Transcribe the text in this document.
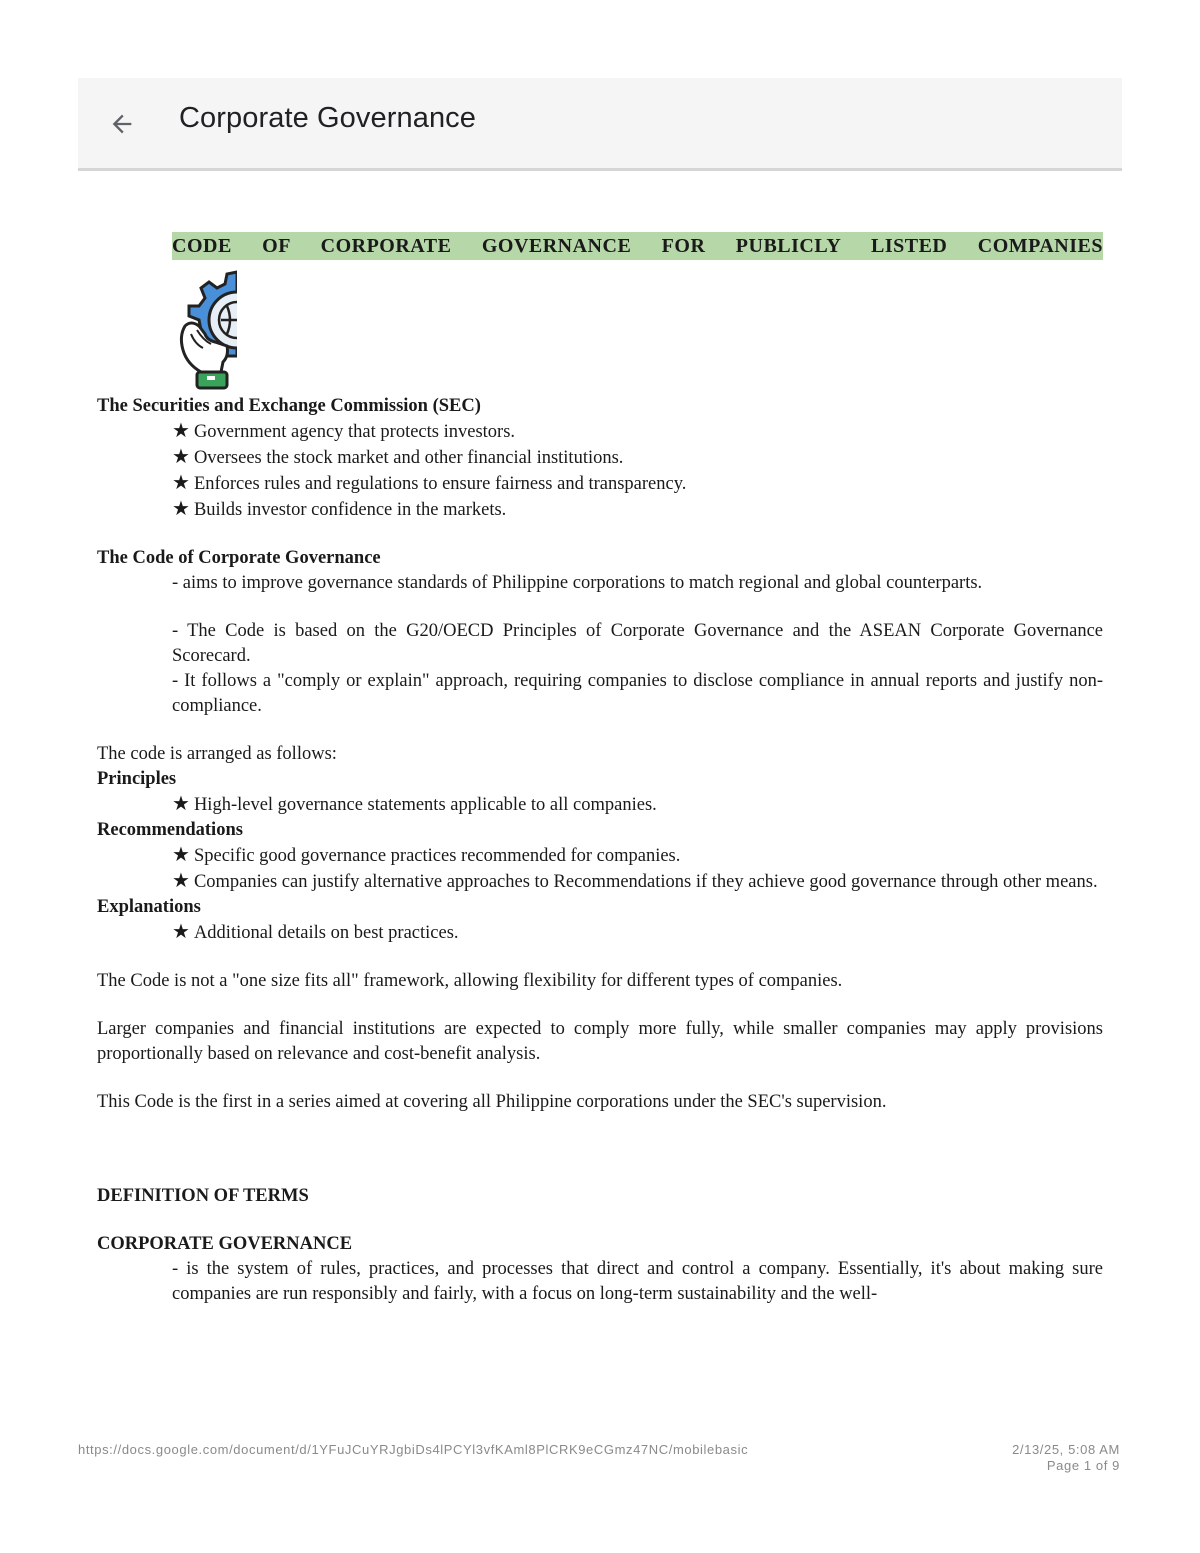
Corporate Governance
CODE OF CORPORATE GOVERNANCE FOR PUBLICLY LISTED COMPANIES
The Securities and Exchange Commission (SEC)
★ Government agency that protects investors.
★ Oversees the stock market and other financial institutions.
★ Enforces rules and regulations to ensure fairness and transparency.
★ Builds investor confidence in the markets.
The Code of Corporate Governance
- aims to improve governance standards of Philippine corporations to match regional and global counterparts.
- The Code is based on the G20/OECD Principles of Corporate Governance and the ASEAN Corporate Governance Scorecard.
- It follows a "comply or explain" approach, requiring companies to disclose compliance in annual reports and justify non-compliance.
The code is arranged as follows:
Principles
★ High-level governance statements applicable to all companies.
Recommendations
★ Specific good governance practices recommended for companies.
★ Companies can justify alternative approaches to Recommendations if they achieve good governance through other means.
Explanations
★ Additional details on best practices.
The Code is not a "one size fits all" framework, allowing flexibility for different types of companies.
Larger companies and financial institutions are expected to comply more fully, while smaller companies may apply provisions proportionally based on relevance and cost-benefit analysis.
This Code is the first in a series aimed at covering all Philippine corporations under the SEC's supervision.
DEFINITION OF TERMS
CORPORATE GOVERNANCE
- is the system of rules, practices, and processes that direct and control a company. Essentially, it's about making sure companies are run responsibly and fairly, with a focus on long-term sustainability and the well-
https://docs.google.com/document/d/1YFuJCuYRJgbiDs4lPCYl3vfKAml8PlCRK9eCGmz47NC/mobilebasic	2/13/25, 5:08 AM
Page 1 of 9
